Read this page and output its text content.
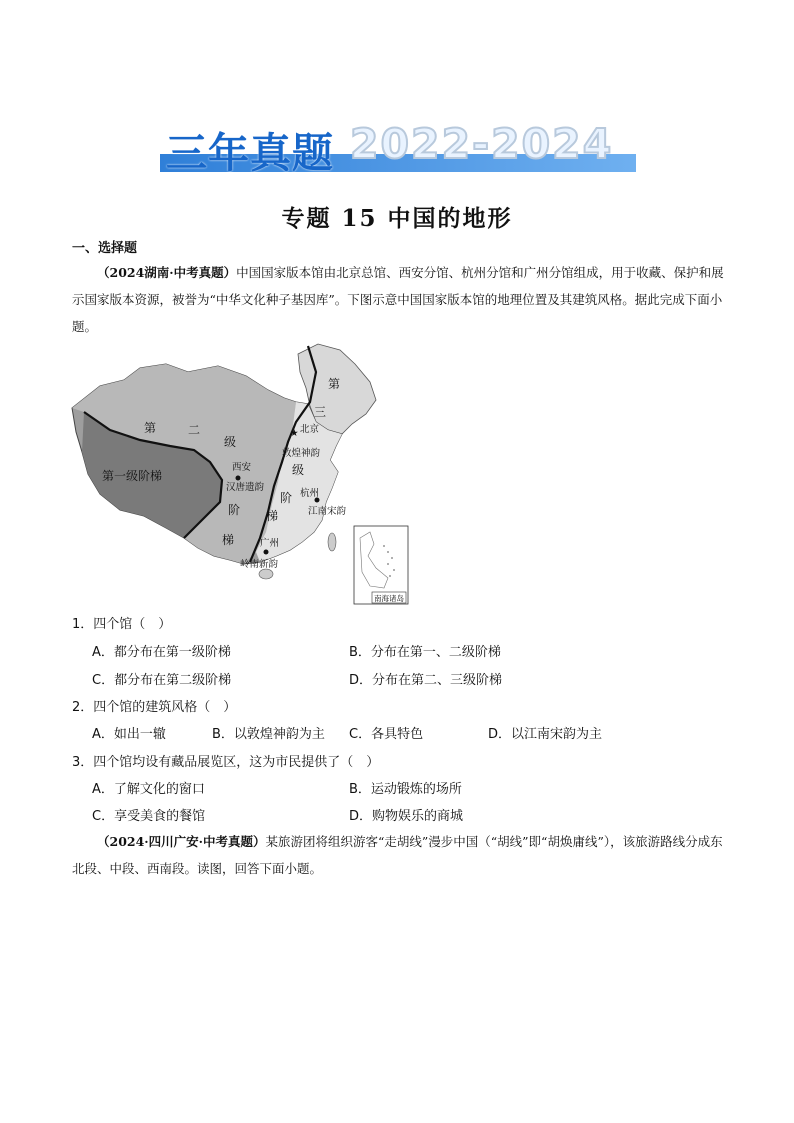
三年真题 2022-2024
专题 15 中国的地形
一、选择题
（2024湖南·中考真题）中国国家版本馆由北京总馆、西安分馆、杭州分馆和广州分馆组成，用于收藏、保护和展示国家版本资源，被誉为“中华文化种子基因库”。下图示意中国国家版本馆的地理位置及其建筑风格。据此完成下面小题。
第一级阶梯
第	二
级
阶
梯
第
三
级
阶
梯
★ 北京
敦煌神韵
西安
汉唐遗韵
杭州
江南宋韵
广州
岭南新韵
南海诸岛
1．四个馆（　）
A．都分布在第一级阶梯	B．分布在第一、二级阶梯
C．都分布在第二级阶梯	D．分布在第二、三级阶梯
2．四个馆的建筑风格（　）
A．如出一辙	B．以敦煌神韵为主 C．各具特色	D．以江南宋韵为主
3．四个馆均设有藏品展览区，这为市民提供了（　）
A．了解文化的窗口	B．运动锻炼的场所
C．享受美食的餐馆	D．购物娱乐的商城
（2024·四川广安·中考真题）某旅游团将组织游客“走胡线”漫步中国（“胡线”即“胡焕庸线”），该旅游路线分成东北段、中段、西南段。读图，回答下面小题。
